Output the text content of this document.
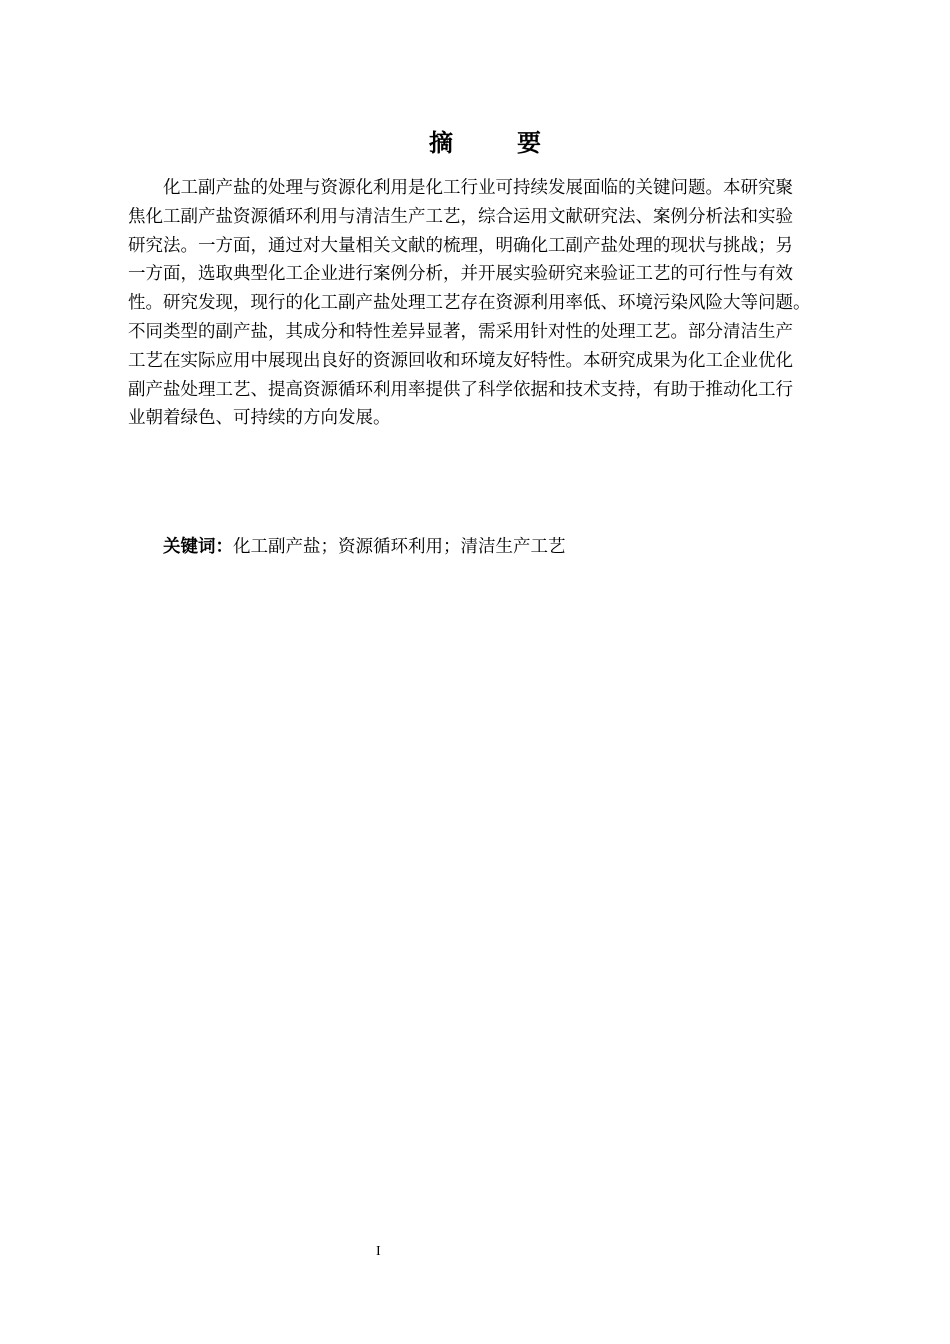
摘　要
化工副产盐的处理与资源化利用是化工行业可持续发展面临的关键问题。本研究聚
焦化工副产盐资源循环利用与清洁生产工艺，综合运用文献研究法、案例分析法和实验
研究法。一方面，通过对大量相关文献的梳理，明确化工副产盐处理的现状与挑战；另
一方面，选取典型化工企业进行案例分析，并开展实验研究来验证工艺的可行性与有效
性。研究发现，现行的化工副产盐处理工艺存在资源利用率低、环境污染风险大等问题。
不同类型的副产盐，其成分和特性差异显著，需采用针对性的处理工艺。部分清洁生产
工艺在实际应用中展现出良好的资源回收和环境友好特性。本研究成果为化工企业优化
副产盐处理工艺、提高资源循环利用率提供了科学依据和技术支持，有助于推动化工行
业朝着绿色、可持续的方向发展。
关键词：化工副产盐；资源循环利用；清洁生产工艺
I
